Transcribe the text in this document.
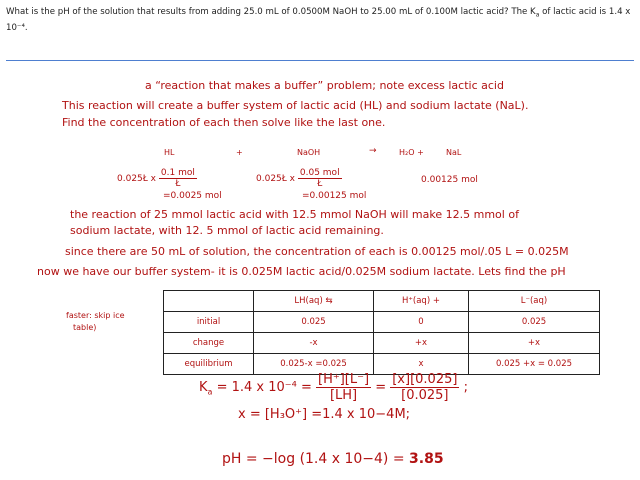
What is the pH of the solution that results from adding 25.0 mL of 0.0500M NaOH to 25.00 mL of 0.100M lactic acid? The $K_a$ of lactic acid is 1.4 x 10⁻⁴.
a “reaction that makes a buffer” problem; note excess lactic acid
This reaction will create a buffer system of lactic acid (HL) and sodium lactate (NaL).
Find the concentration of each then solve like the last one.
HL	+	NaOH	→	H₂O +	NaL
0.025Ł x $\frac{\text{0.1 mol}}{Ł}$
=0.0025 mol
0.025Ł x $\frac{\text{0.05 mol}}{Ł}$
=0.00125 mol
0.00125 mol
the reaction of 25 mmol lactic acid with 12.5 mmol NaOH will make 12.5 mmol of
sodium lactate, with 12. 5 mmol of lactic acid remaining.
since there are 50 mL of solution, the concentration of each is 0.00125 mol/.05 L = 0.025M
now we have our buffer system- it is 0.025M lactic acid/0.025M sodium lactate. Lets find the pH
faster: skip ice
table)
	LH(aq) ⇆	H⁺(aq) +	L⁻(aq)
initial	0.025	0	0.025
change	-x	+x	+x
equilibrium	0.025-x =0.025	x	0.025 +x = 0.025
$K_a = 1.4$ x $10^{-4} = \frac{[H^+][L^-]}{[LH]} = \frac{[x][0.025]}{[0.025]}$ ;
x = [H₃O⁺] =1.4 x 10−4M;
pH = −log (1.4 x 10−4) = 3.85
